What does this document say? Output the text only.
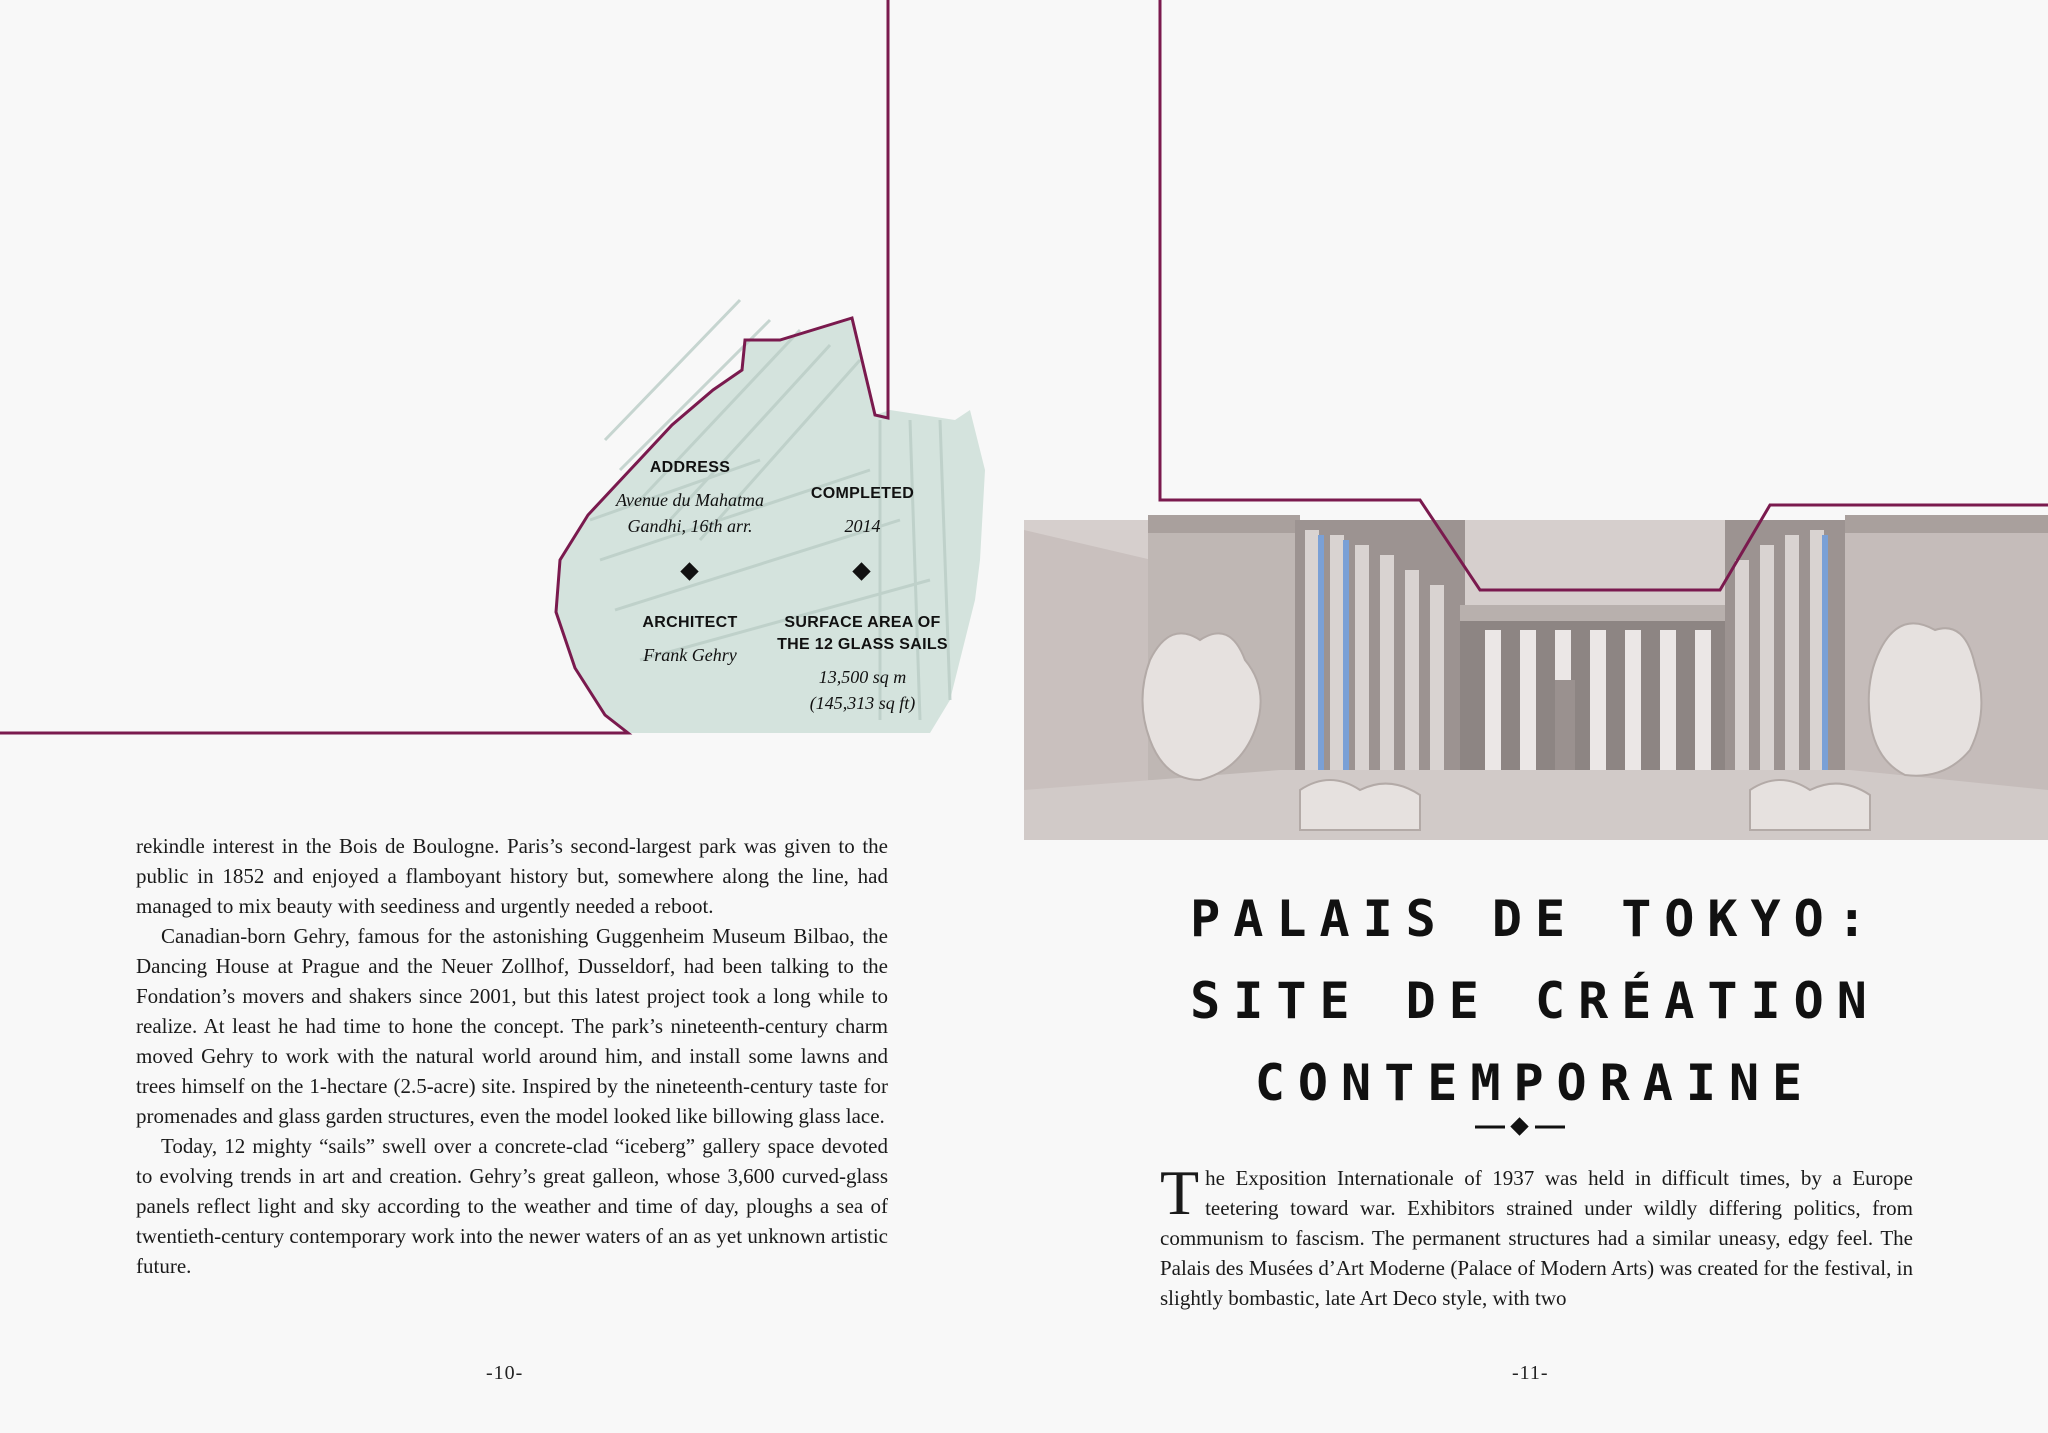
ADDRESS
Avenue du Mahatma
Gandhi, 16th arr.
COMPLETED
2014
ARCHITECT
Frank Gehry
SURFACE AREA OF
THE 12 GLASS SAILS
13,500 sq m
(145,313 sq ft)

rekindle interest in the Bois de Boulogne. Paris’s second-largest park was given to the public in 1852 and enjoyed a flamboyant history but, somewhere along the line, had managed to mix beauty with seediness and urgently needed a reboot.

Canadian-born Gehry, famous for the astonishing Guggenheim Museum Bilbao, the Dancing House at Prague and the Neuer Zollhof, Dusseldorf, had been talking to the Fondation’s movers and shakers since 2001, but this latest project took a long while to realize. At least he had time to hone the concept. The park’s nineteenth-century charm moved Gehry to work with the natural world around him, and install some lawns and trees himself on the 1-hectare (2.5-acre) site. Inspired by the nineteenth-century taste for promenades and glass garden structures, even the model looked like billowing glass lace.

Today, 12 mighty “sails” swell over a concrete-clad “iceberg” gallery space devoted to evolving trends in art and creation. Gehry’s great galleon, whose 3,600 curved-glass panels reflect light and sky according to the weather and time of day, ploughs a sea of twentieth-century contemporary work into the newer waters of an as yet unknown artistic future.

-10-
PALAIS DE TOKYO:
SITE DE CRÉATION
CONTEMPORAINE

The Exposition Internationale of 1937 was held in difficult times, by a Europe teetering toward war. Exhibitors strained under wildly differing politics, from communism to fascism. The permanent structures had a similar uneasy, edgy feel. The Palais des Musées d’Art Moderne (Palace of Modern Arts) was created for the festival, in slightly bombastic, late Art Deco style, with two

-11-
